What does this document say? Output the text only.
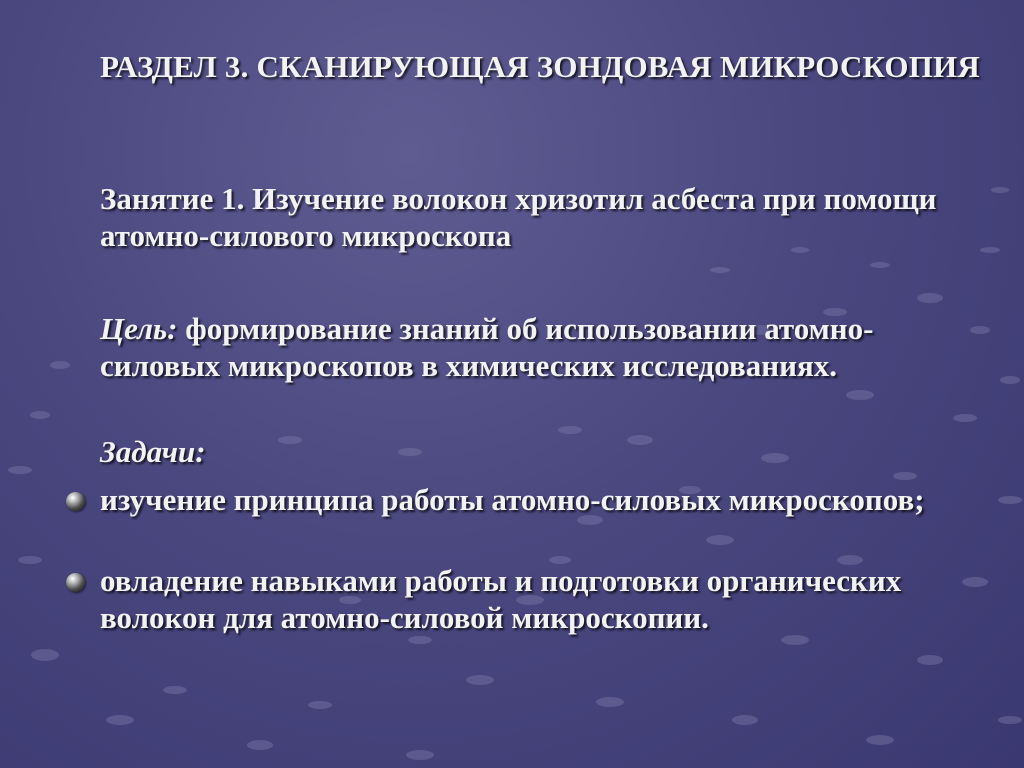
РАЗДЕЛ 3. СКАНИРУЮЩАЯ ЗОНДОВАЯ МИКРОСКОПИЯ

Занятие 1. Изучение волокон хризотил асбеста при помощи атомно-силового микроскопа

Цель: формирование знаний об использовании атомно-силовых микроскопов в химических исследованиях.

Задачи:

изучение принципа работы атомно-силовых микроскопов;

овладение навыками работы и подготовки органических волокон для атомно-силовой микроскопии.
